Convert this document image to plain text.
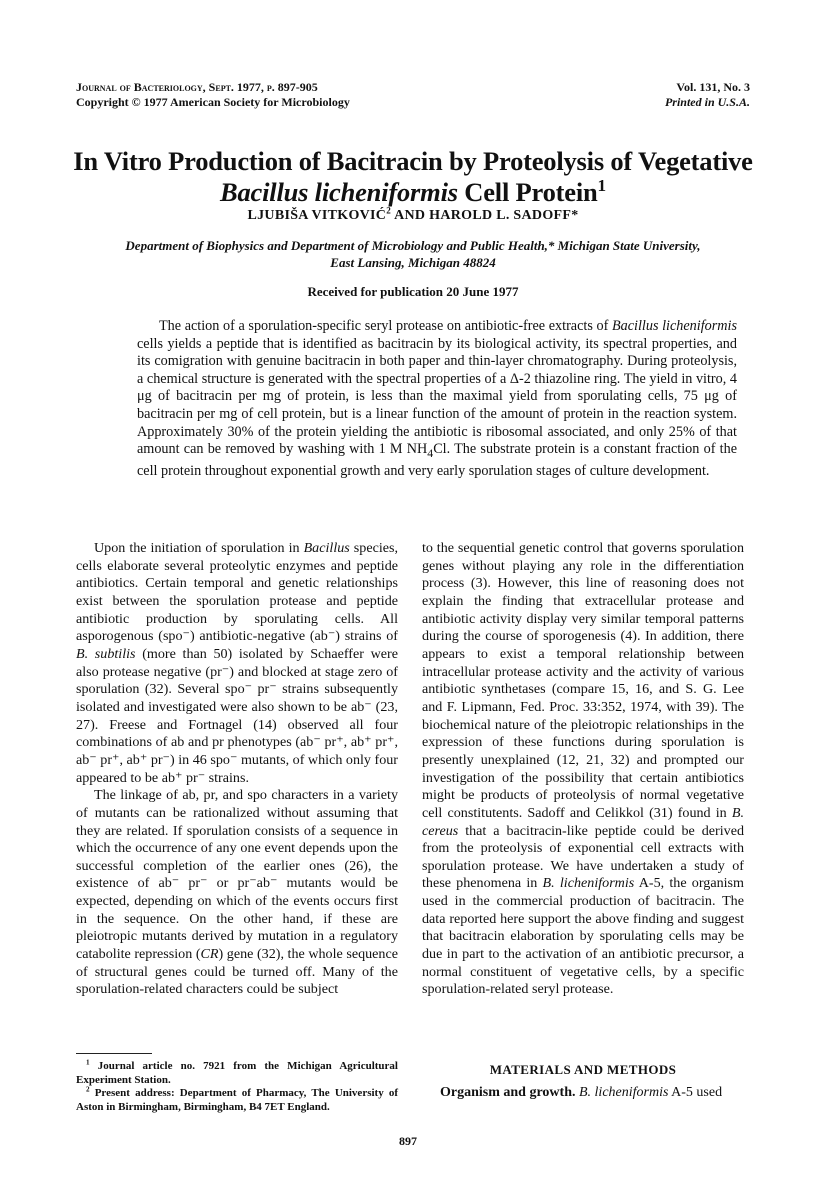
Journal of Bacteriology, Sept. 1977, p. 897-905
Copyright © 1977 American Society for Microbiology
Vol. 131, No. 3
Printed in U.S.A.
In Vitro Production of Bacitracin by Proteolysis of Vegetative
Bacillus licheniformis Cell Protein$^1$
LJUBIŠA VITKOVIĆ$^2$ AND HAROLD L. SADOFF*
Department of Biophysics and Department of Microbiology and Public Health,* Michigan State University,
East Lansing, Michigan 48824
Received for publication 20 June 1977

The action of a sporulation-specific seryl protease on antibiotic-free extracts of Bacillus licheniformis cells yields a peptide that is identified as bacitracin by its biological activity, its spectral properties, and its comigration with genuine bacitracin in both paper and thin-layer chromatography. During proteolysis, a chemical structure is generated with the spectral properties of a Δ-2 thiazoline ring. The yield in vitro, 4 μg of bacitracin per mg of protein, is less than the maximal yield from sporulating cells, 75 μg of bacitracin per mg of cell protein, but is a linear function of the amount of protein in the reaction system. Approximately 30% of the protein yielding the antibiotic is ribosomal associated, and only 25% of that amount can be removed by washing with 1 M $NH_4Cl$. The substrate protein is a constant fraction of the cell protein throughout exponential growth and very early sporulation stages of culture development.

Upon the initiation of sporulation in Bacillus species, cells elaborate several proteolytic enzymes and peptide antibiotics. Certain temporal and genetic relationships exist between the sporulation protease and peptide antibiotic production by sporulating cells. All asporogenous (spo⁻) antibiotic-negative (ab⁻) strains of B. subtilis (more than 50) isolated by Schaeffer were also protease negative (pr⁻) and blocked at stage zero of sporulation (32). Several spo⁻ pr⁻ strains subsequently isolated and investigated were also shown to be ab⁻ (23, 27). Freese and Fortnagel (14) observed all four combinations of ab and pr phenotypes (ab⁻ pr⁺, ab⁺ pr⁺, ab⁻ pr⁺, ab⁺ pr⁻) in 46 spo⁻ mutants, of which only four appeared to be ab⁺ pr⁻ strains.

The linkage of ab, pr, and spo characters in a variety of mutants can be rationalized without assuming that they are related. If sporulation consists of a sequence in which the occurrence of any one event depends upon the successful completion of the earlier ones (26), the existence of ab⁻ pr⁻ or pr⁻ab⁻ mutants would be expected, depending on which of the events occurs first in the sequence. On the other hand, if these are pleiotropic mutants derived by mutation in a regulatory catabolite repression (CR) gene (32), the whole sequence of structural genes could be turned off. Many of the sporulation-related characters could be subject

to the sequential genetic control that governs sporulation genes without playing any role in the differentiation process (3). However, this line of reasoning does not explain the finding that extracellular protease and antibiotic activity display very similar temporal patterns during the course of sporogenesis (4). In addition, there appears to exist a temporal relationship between intracellular protease activity and the activity of various antibiotic synthetases (compare 15, 16, and S. G. Lee and F. Lipmann, Fed. Proc. 33:352, 1974, with 39). The biochemical nature of the pleiotropic relationships in the expression of these functions during sporulation is presently unexplained (12, 21, 32) and prompted our investigation of the possibility that certain antibiotics might be products of proteolysis of normal vegetative cell constitutents. Sadoff and Celikkol (31) found in B. cereus that a bacitracin-like peptide could be derived from the proteolysis of exponential cell extracts with sporulation protease. We have undertaken a study of these phenomena in B. licheniformis A-5, the organism used in the commercial production of bacitracin. The data reported here support the above finding and suggest that bacitracin elaboration by sporulating cells may be due in part to the activation of an antibiotic precursor, a normal constituent of vegetative cells, by a specific sporulation-related seryl protease.

$^1$ Journal article no. 7921 from the Michigan Agricultural Experiment Station.

$^2$ Present address: Department of Pharmacy, The University of Aston in Birmingham, Birmingham, B4 7ET England.

MATERIALS AND METHODS
Organism and growth. B. licheniformis A-5 used
897
